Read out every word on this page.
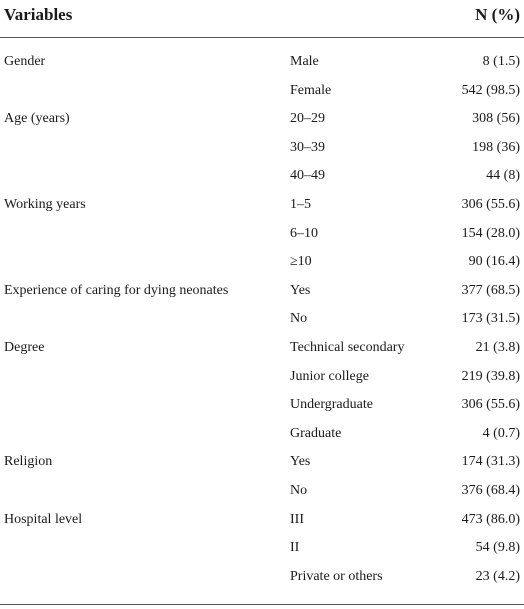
Variables	N (%)
Gender	Male	8 (1.5)
Female	542 (98.5)
Age (years)	20–29	308 (56)
30–39	198 (36)
40–49	44 (8)
Working years	1–5	306 (55.6)
6–10	154 (28.0)
≥10	90 (16.4)
Experience of caring for dying neonates	Yes	377 (68.5)
No	173 (31.5)
Degree	Technical secondary	21 (3.8)
Junior college	219 (39.8)
Undergraduate	306 (55.6)
Graduate	4 (0.7)
Religion	Yes	174 (31.3)
No	376 (68.4)
Hospital level	III	473 (86.0)
II	54 (9.8)
Private or others	23 (4.2)
